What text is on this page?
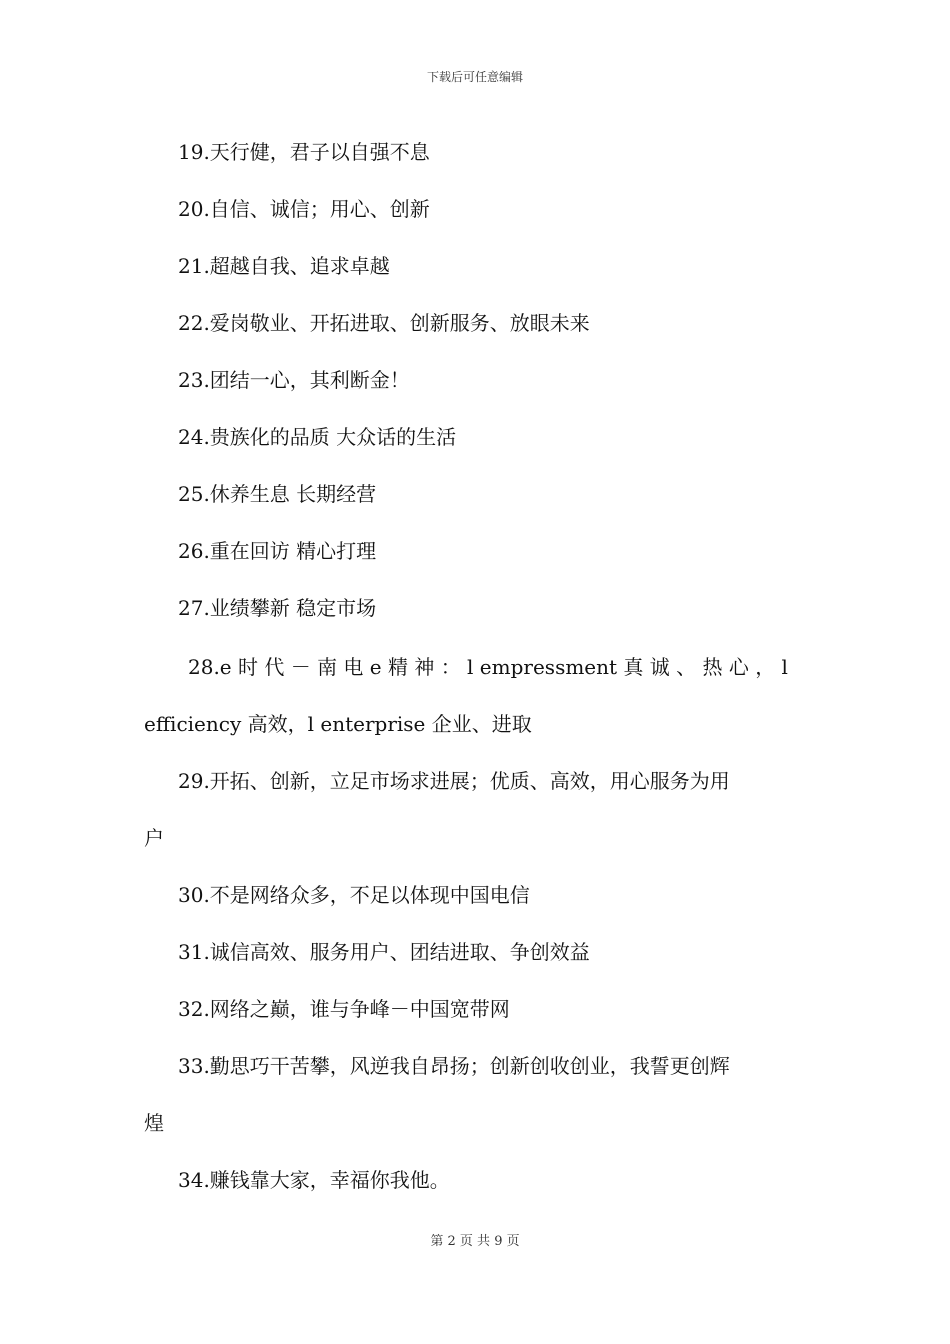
下载后可任意编辑
19.天行健，君子以自强不息
20.自信、诚信；用心、创新
21.超越自我、追求卓越
22.爱岗敬业、开拓进取、创新服务、放眼未来
23.团结一心，其利断金！
24.贵族化的品质 大众话的生活
25.休养生息 长期经营
26.重在回访 精心打理
27.业绩攀新 稳定市场
28.e 时 代 － 南 电 e 精 神 ： l empressment 真 诚 、 热 心 ， l
efficiency 高效，l enterprise 企业、进取
29.开拓、创新，立足市场求进展；优质、高效，用心服务为用
户
30.不是网络众多，不足以体现中国电信
31.诚信高效、服务用户、团结进取、争创效益
32.网络之巅，谁与争峰－中国宽带网
33.勤思巧干苦攀，风逆我自昂扬；创新创收创业，我誓更创辉
煌
34.赚钱靠大家，幸福你我他。
第 2 页 共 9 页
